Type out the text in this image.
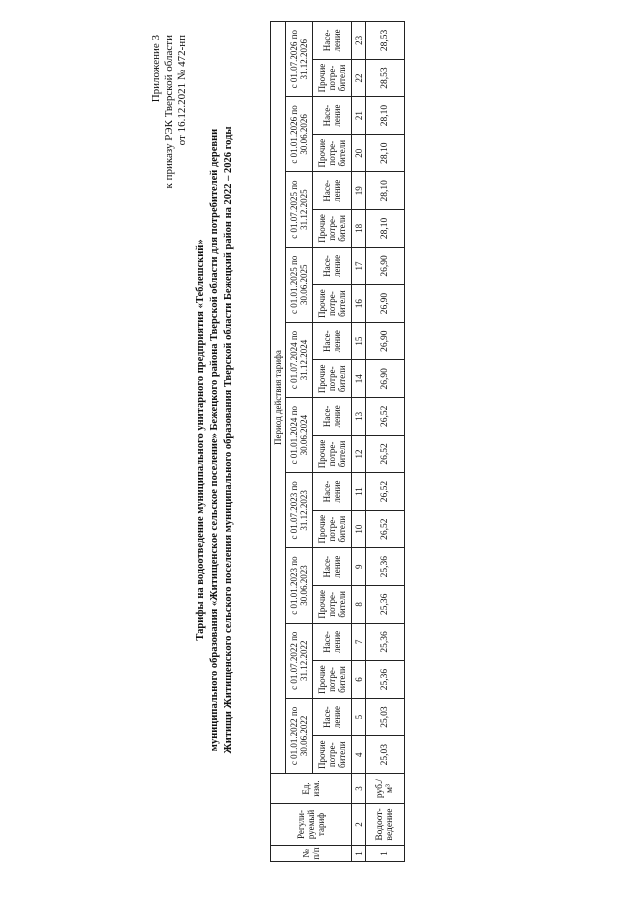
Приложение 3 к приказу РЭК Тверской области от 16.12.2021 № 472-нп
Тарифы на водоотведение муниципального унитарного предприятия «Теблешский» муниципального образования «Житищенское сельское поселение» Бежецкого района Тверской области для потребителей деревни Житищи Житищенского сельского поселения муниципального образования Тверской области Бежецкий район на 2022 – 2026 годы
№ п/п	Регули-руемый тариф	Ед. изм.	Период действия тарифа																			
			с 01.01.2022 по 30.06.2022		с 01.07.2022 по 31.12.2022		с 01.01.2023 по 30.06.2023		с 01.07.2023 по 31.12.2023		с 01.01.2024 по 30.06.2024		с 01.07.2024 по 31.12.2024		с 01.01.2025 по 30.06.2025		с 01.07.2025 по 31.12.2025		с 01.01.2026 по 30.06.2026		с 01.07.2026 по 31.12.2026	
			Прочие потре-бители	Насе-ление	Прочие потре-бители	Насе-ление	Прочие потре-бители	Насе-ление	Прочие потре-бители	Насе-ление	Прочие потре-бители	Насе-ление	Прочие потре-бители	Насе-ление	Прочие потре-бители	Насе-ление	Прочие потре-бители	Насе-ление	Прочие потре-бители	Насе-ление	Прочие потре-бители	Насе-ление
1	2	3	4	5	6	7	8	9	10	11	12	13	14	15	16	17	18	19	20	21	22	23
1	Водоот-ведение	руб./м³	25,03	25,03	25,36	25,36	25,36	25,36	26,52	26,52	26,52	26,52	26,90	26,90	26,90	26,90	28,10	28,10	28,10	28,10	28,53	28,53
